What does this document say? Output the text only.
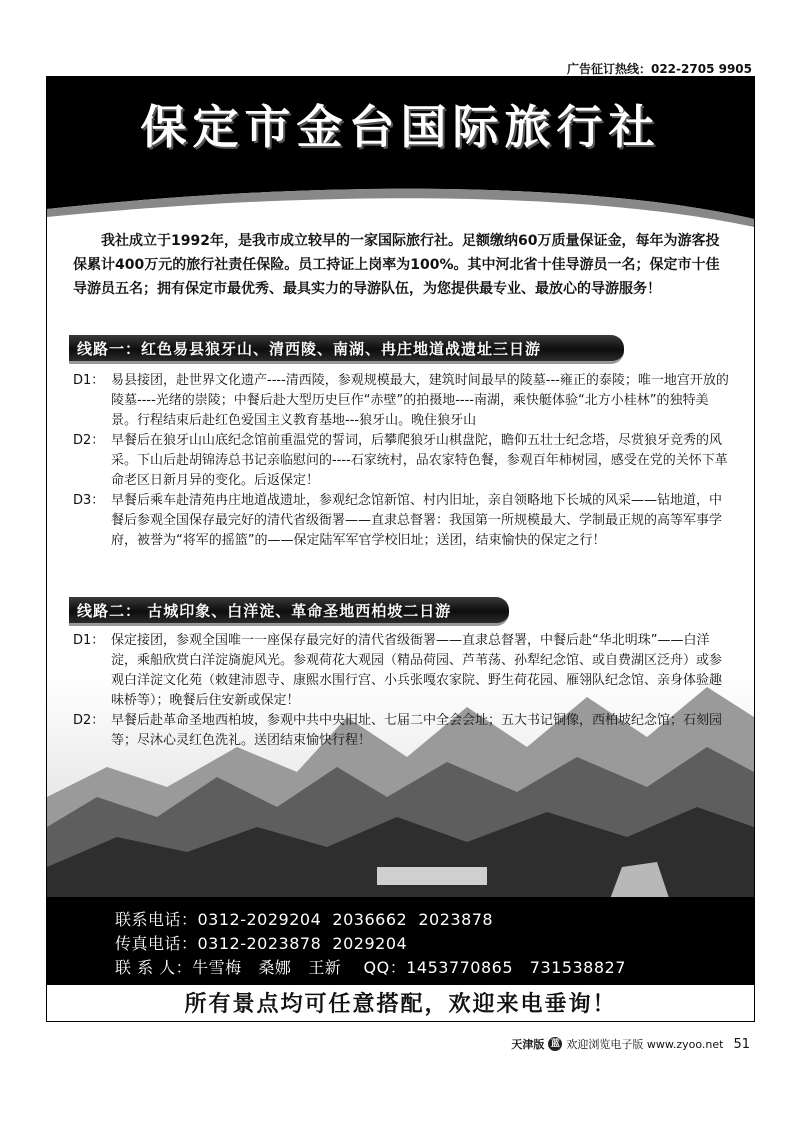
广告征订热线：022-2705 9905
保定市金台国际旅行社
我社成立于1992年，是我市成立较早的一家国际旅行社。足额缴纳60万质量保证金，每年为游客投保累计400万元的旅行社责任保险。员工持证上岗率为100%。其中河北省十佳导游员一名；保定市十佳导游员五名；拥有保定市最优秀、最具实力的导游队伍，为您提供最专业、最放心的导游服务！
线路一：红色易县狼牙山、清西陵、南湖、冉庄地道战遗址三日游
D1： 易县接团，赴世界文化遗产----清西陵，参观规模最大，建筑时间最早的陵墓---雍正的泰陵；唯一地宫开放的陵墓----光绪的崇陵；中餐后赴大型历史巨作“赤壁”的拍摄地----南湖，乘快艇体验“北方小桂林”的独特美景。行程结束后赴红色爱国主义教育基地---狼牙山。晚住狼牙山
D2： 早餐后在狼牙山山底纪念馆前重温党的誓词，后攀爬狼牙山棋盘陀，瞻仰五壮士纪念塔，尽赏狼牙竞秀的风采。下山后赴胡锦涛总书记亲临慰问的----石家统村，品农家特色餐，参观百年柿树园，感受在党的关怀下革命老区日新月异的变化。后返保定！
D3： 早餐后乘车赴清苑冉庄地道战遗址，参观纪念馆新馆、村内旧址，亲自领略地下长城的风采——钻地道，中餐后参观全国保存最完好的清代省级衙署——直隶总督署：我国第一所规模最大、学制最正规的高等军事学府，被誉为“将军的摇篮”的——保定陆军军官学校旧址；送团，结束愉快的保定之行！
线路二： 古城印象、白洋淀、革命圣地西柏坡二日游
D1： 保定接团，参观全国唯一一座保存最完好的清代省级衙署——直隶总督署，中餐后赴“华北明珠”——白洋淀，乘船欣赏白洋淀旖旎风光。参观荷花大观园（精品荷园、芦苇荡、孙犁纪念馆、或自费湖区泛舟）或参观白洋淀文化苑（敕建沛恩寺、康熙水围行宫、小兵张嘎农家院、野生荷花园、雁翎队纪念馆、亲身体验趣味桥等）；晚餐后住安新或保定！
D2： 早餐后赴革命圣地西柏坡，参观中共中央旧址、七届二中全会会址；五大书记铜像，西柏坡纪念馆；石刻园等；尽沐心灵红色洗礼。送团结束愉快行程！
联系电话：0312-2029204  2036662  2023878
传真电话：0312-2023878  2029204
联 系 人：牛雪梅   桑娜   王新    QQ：1453770865   731538827
所有景点均可任意搭配，欢迎来电垂询！
天津版 蓝 欢迎浏览电子版 www.zyoo.net 51
